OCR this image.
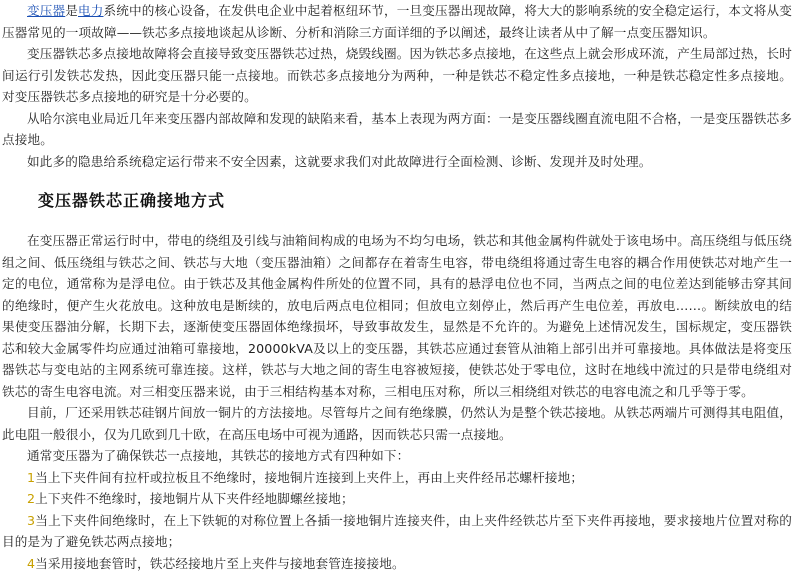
变压器是电力系统中的核心设备，在发供电企业中起着枢纽环节，一旦变压器出现故障，将大大的影响系统的安全稳定运行，本文将从变压器常见的一项故障——铁芯多点接地谈起从诊断、分析和消除三方面详细的予以阐述，最终让读者从中了解一点变压器知识。

变压器铁芯多点接地故障将会直接导致变压器铁芯过热，烧毁线圈。因为铁芯多点接地，在这些点上就会形成环流，产生局部过热，长时间运行引发铁芯发热，因此变压器只能一点接地。而铁芯多点接地分为两种，一种是铁芯不稳定性多点接地，一种是铁芯稳定性多点接地。对变压器铁芯多点接地的研究是十分必要的。

从哈尔滨电业局近几年来变压器内部故障和发现的缺陷来看，基本上表现为两方面：一是变压器线圈直流电阻不合格，一是变压器铁芯多点接地。

如此多的隐患给系统稳定运行带来不安全因素，这就要求我们对此故障进行全面检测、诊断、发现并及时处理。

变压器铁芯正确接地方式

在变压器正常运行时中，带电的绕组及引线与油箱间构成的电场为不均匀电场，铁芯和其他金属构件就处于该电场中。高压绕组与低压绕组之间、低压绕组与铁芯之间、铁芯与大地（变压器油箱）之间都存在着寄生电容，带电绕组将通过寄生电容的耦合作用使铁芯对地产生一定的电位，通常称为是浮电位。由于铁芯及其他金属构件所处的位置不同，具有的悬浮电位也不同，当两点之间的电位差达到能够击穿其间的绝缘时，便产生火花放电。这种放电是断续的，放电后两点电位相同；但放电立刻停止，然后再产生电位差，再放电……。断续放电的结果使变压器油分解，长期下去，逐渐使变压器固体绝缘损坏，导致事故发生，显然是不允许的。为避免上述情况发生，国标规定，变压器铁芯和较大金属零件均应通过油箱可靠接地，20000kVA及以上的变压器，其铁芯应通过套管从油箱上部引出并可靠接地。具体做法是将变压器铁芯与变电站的主网系统可靠连接。这样，铁芯与大地之间的寄生电容被短接，使铁芯处于零电位，这时在地线中流过的只是带电绕组对铁芯的寄生电容电流。对三相变压器来说，由于三相结构基本对称，三相电压对称，所以三相绕组对铁芯的电容电流之和几乎等于零。

目前，厂还采用铁芯硅钢片间放一铜片的方法接地。尽管每片之间有绝缘膜，仍然认为是整个铁芯接地。从铁芯两端片可测得其电阻值，此电阻一般很小，仅为几欧到几十欧，在高压电场中可视为通路，因而铁芯只需一点接地。

通常变压器为了确保铁芯一点接地，其铁芯的接地方式有四种如下：

1当上下夹件间有拉杆或拉板且不绝缘时，接地铜片连接到上夹件上，再由上夹件经吊芯螺杆接地；

2上下夹件不绝缘时，接地铜片从下夹件经地脚螺丝接地；

3当上下夹件间绝缘时，在上下铁轭的对称位置上各插一接地铜片连接夹件，由上夹件经铁芯片至下夹件再接地，要求接地片位置对称的目的是为了避免铁芯两点接地；

4当采用接地套管时，铁芯经接地片至上夹件与接地套管连接接地。
